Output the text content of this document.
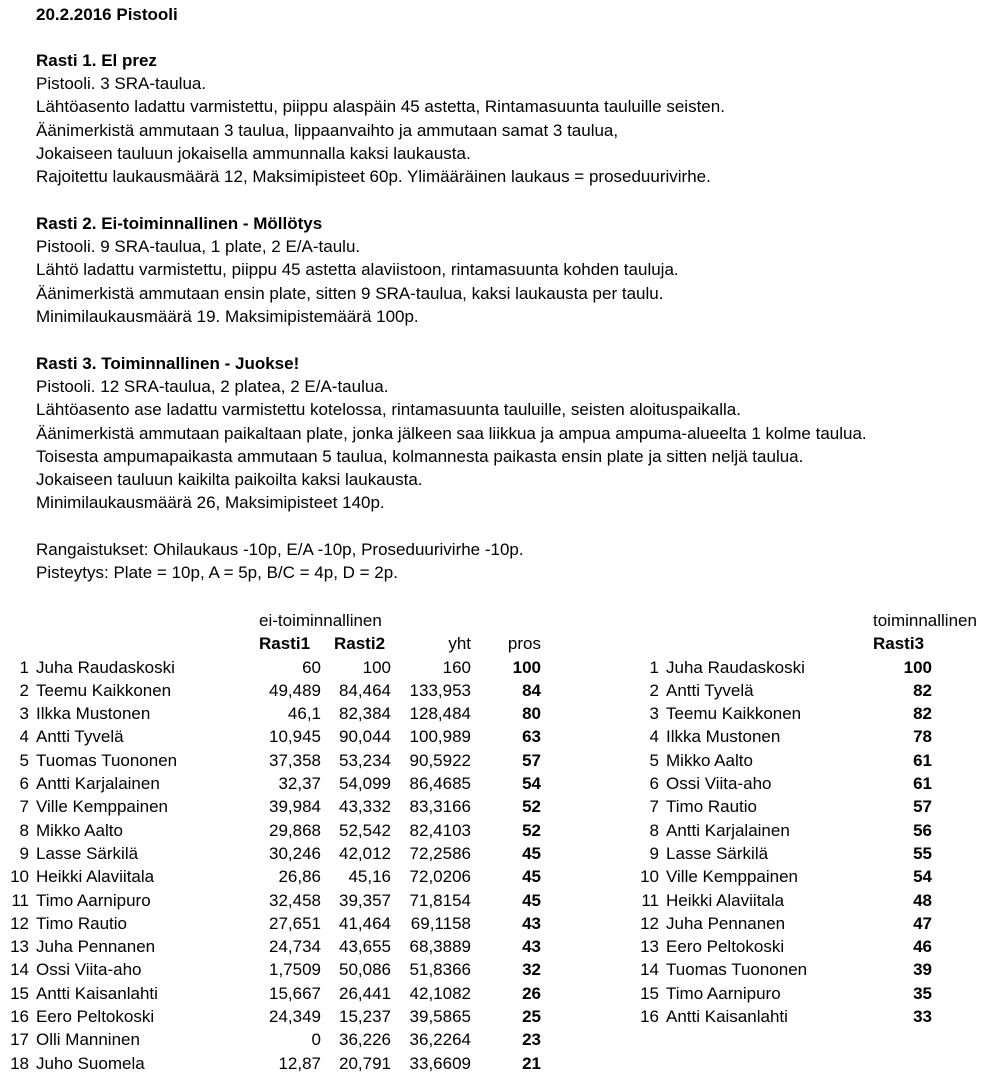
20.2.2016 Pistooli
Rasti 1. El prez
Pistooli. 3 SRA-taulua.
Lähtöasento ladattu varmistettu, piippu alaspäin 45 astetta, Rintamasuunta tauluille seisten.
Äänimerkistä ammutaan 3 taulua, lippaanvaihto ja ammutaan samat 3 taulua,
Jokaiseen tauluun jokaisella ammunnalla kaksi laukausta.
Rajoitettu laukausmäärä 12, Maksimipisteet 60p. Ylimääräinen laukaus = proseduurivirhe.
Rasti 2. Ei-toiminnallinen - Möllötys
Pistooli. 9 SRA-taulua, 1 plate, 2 E/A-taulu.
Lähtö ladattu varmistettu, piippu 45 astetta alaviistoon, rintamasuunta kohden tauluja.
Äänimerkistä ammutaan ensin plate, sitten 9 SRA-taulua, kaksi laukausta per taulu.
Minimilaukausmäärä 19. Maksimipistemäärä 100p.
Rasti 3. Toiminnallinen - Juokse!
Pistooli. 12 SRA-taulua, 2 platea, 2 E/A-taulua.
Lähtöasento ase ladattu varmistettu kotelossa, rintamasuunta tauluille, seisten aloituspaikalla.
Äänimerkistä ammutaan paikaltaan plate, jonka jälkeen saa liikkua ja ampua ampuma-alueelta 1 kolme taulua.
Toisesta ampumapaikasta ammutaan 5 taulua, kolmannesta paikasta ensin plate ja sitten neljä taulua.
Jokaiseen tauluun kaikilta paikoilta kaksi laukausta.
Minimilaukausmäärä 26, Maksimipisteet 140p.
Rangaistukset: Ohilaukaus -10p, E/A -10p, Proseduurivirhe -10p.
Pisteytys: Plate = 10p, A = 5p, B/C = 4p, D = 2p.
ei-toiminnallinen
Rasti1 Rasti2	yht	pros
toiminnallinen
Rasti3
1 Juha Raudaskoski	60	100	160	100
2 Teemu Kaikkonen	49,489	84,464	133,953	84
3 Ilkka Mustonen	46,1	82,384	128,484	80
4 Antti Tyvelä	10,945	90,044	100,989	63
5 Tuomas Tuononen	37,358	53,234	90,5922	57
6 Antti Karjalainen	32,37	54,099	86,4685	54
7 Ville Kemppainen	39,984	43,332	83,3166	52
8 Mikko Aalto	29,868	52,542	82,4103	52
9 Lasse Särkilä	30,246	42,012	72,2586	45
10 Heikki Alaviitala	26,86	45,16	72,0206	45
11 Timo Aarnipuro	32,458	39,357	71,8154	45
12 Timo Rautio	27,651	41,464	69,1158	43
13 Juha Pennanen	24,734	43,655	68,3889	43
14 Ossi Viita-aho	1,7509	50,086	51,8366	32
15 Antti Kaisanlahti	15,667	26,441	42,1082	26
16 Eero Peltokoski	24,349	15,237	39,5865	25
17 Olli Manninen	0	36,226	36,2264	23
18 Juho Suomela	12,87	20,791	33,6609	21
1 Juha Raudaskoski	100
2 Antti Tyvelä	82
3 Teemu Kaikkonen	82
4 Ilkka Mustonen	78
5 Mikko Aalto	61
6 Ossi Viita-aho	61
7 Timo Rautio	57
8 Antti Karjalainen	56
9 Lasse Särkilä	55
10 Ville Kemppainen	54
11 Heikki Alaviitala	48
12 Juha Pennanen	47
13 Eero Peltokoski	46
14 Tuomas Tuononen	39
15 Timo Aarnipuro	35
16 Antti Kaisanlahti	33
